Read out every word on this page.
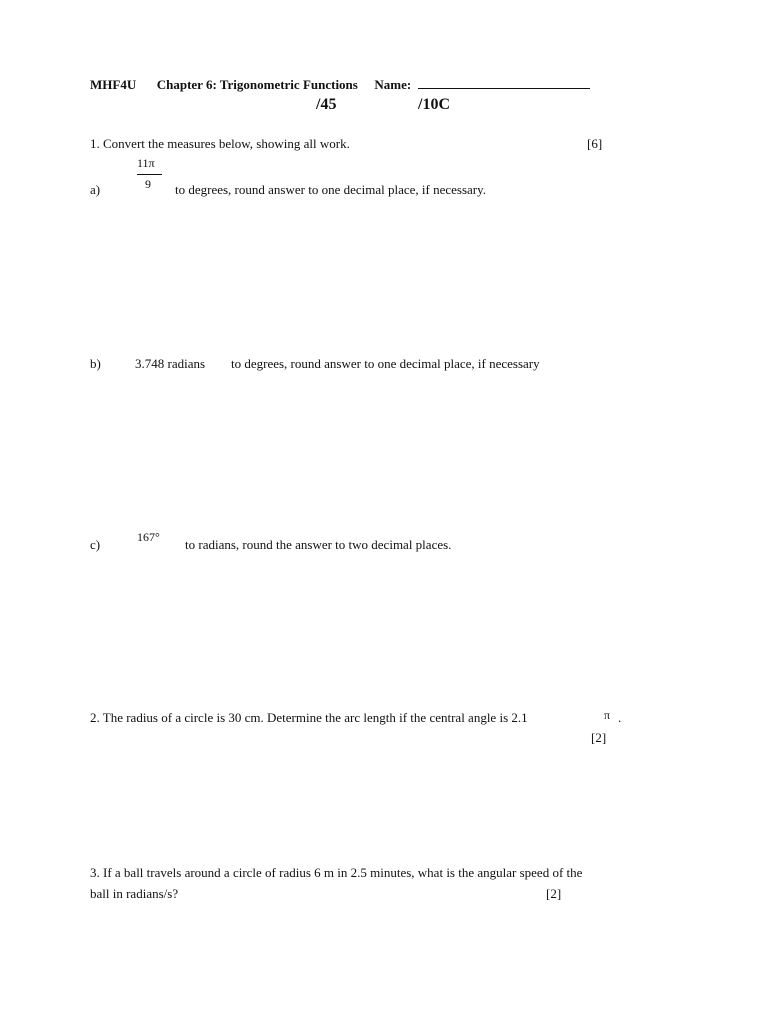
MHF4U Chapter 6: Trigonometric Functions Name:
/45	/10C
1. Convert the measures below, showing all work.	[6]
11π
9
a)	to degrees, round answer to one decimal place, if necessary.
b)	3.748 radians to degrees, round answer to one decimal place, if necessary
167°
c)	to radians, round the answer to two decimal places.
2. The radius of a circle is 30 cm. Determine the arc length if the central angle is 2.1	π .
[2]
3. If a ball travels around a circle of radius 6 m in 2.5 minutes, what is the angular speed of the
ball in radians/s?	[2]
